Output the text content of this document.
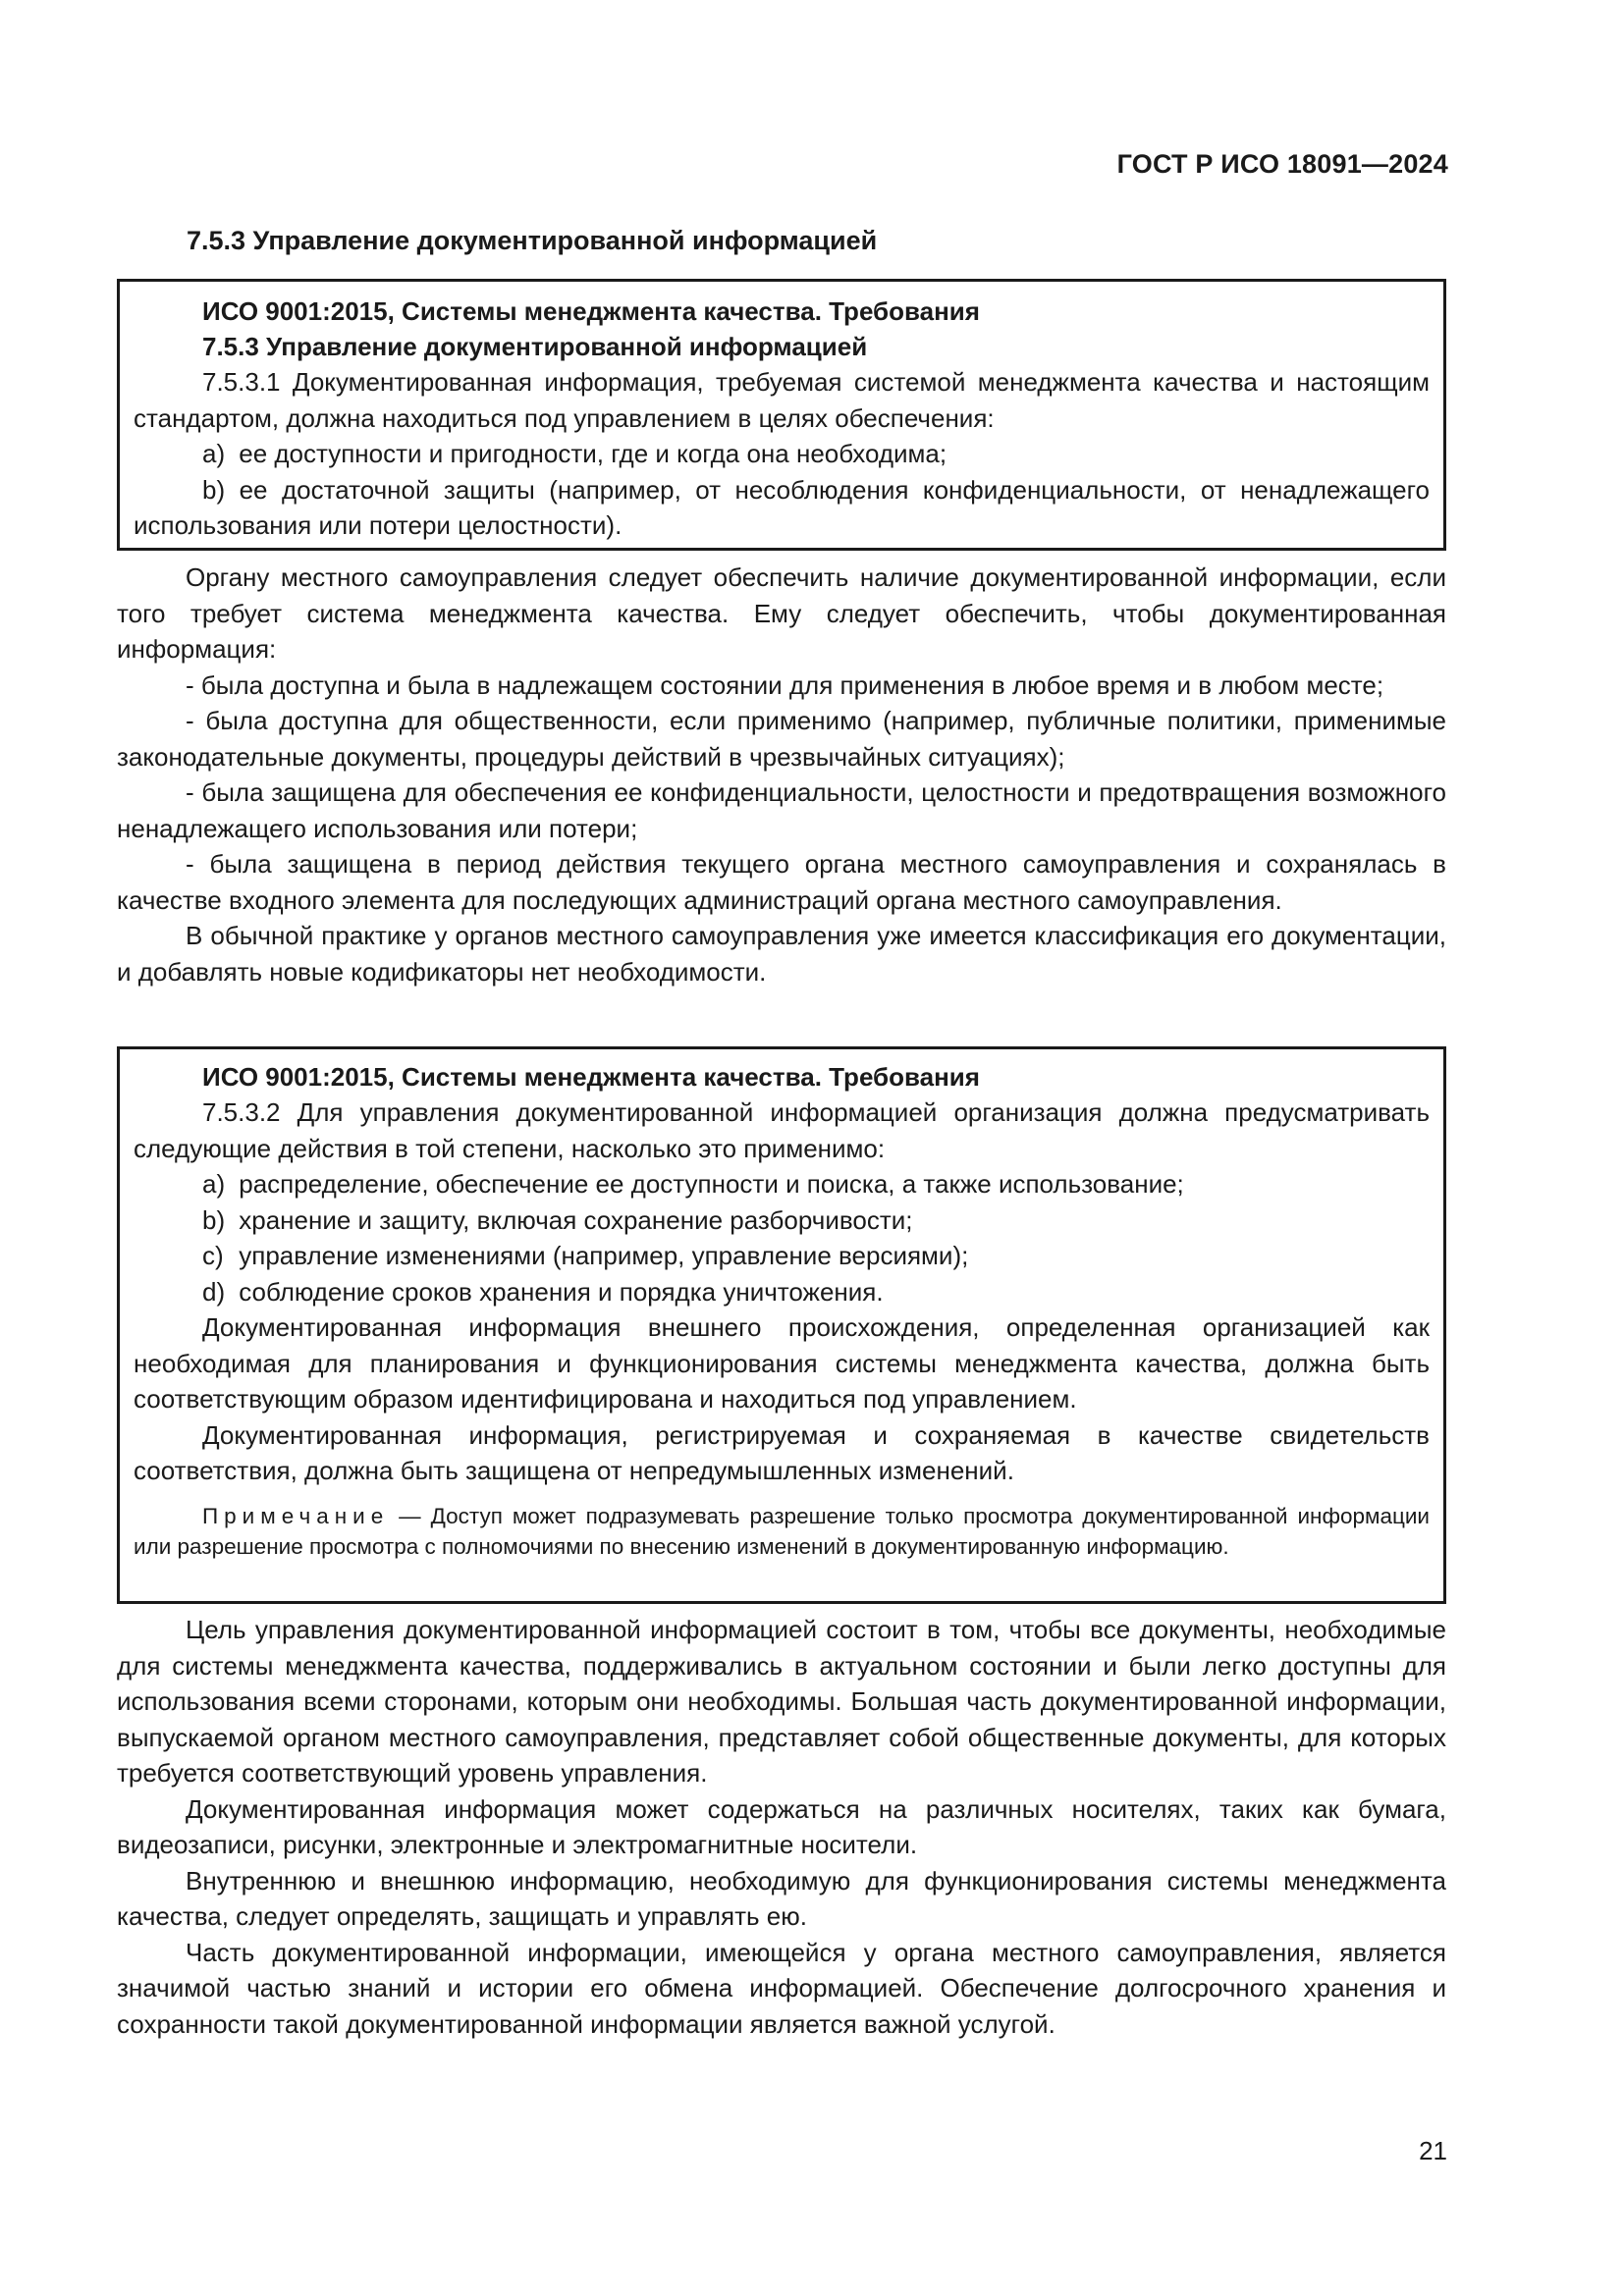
ГОСТ Р ИСО 18091—2024
7.5.3 Управление документированной информацией
ИСО 9001:2015, Системы менеджмента качества. Требования
7.5.3 Управление документированной информацией

7.5.3.1 Документированная информация, требуемая системой менеджмента качества и настоящим стандартом, должна находиться под управлением в целях обеспечения:

a) ее доступности и пригодности, где и когда она необходима;

b) ее достаточной защиты (например, от несоблюдения конфиденциальности, от ненадлежащего использования или потери целостности).

Органу местного самоуправления следует обеспечить наличие документированной информации, если того требует система менеджмента качества. Ему следует обеспечить, чтобы документированная информация:

- была доступна и была в надлежащем состоянии для применения в любое время и в любом месте;

- была доступна для общественности, если применимо (например, публичные политики, применимые законодательные документы, процедуры действий в чрезвычайных ситуациях);

- была защищена для обеспечения ее конфиденциальности, целостности и предотвращения возможного ненадлежащего использования или потери;

- была защищена в период действия текущего органа местного самоуправления и сохранялась в качестве входного элемента для последующих администраций органа местного самоуправления.

В обычной практике у органов местного самоуправления уже имеется классификация его документации, и добавлять новые кодификаторы нет необходимости.

ИСО 9001:2015, Системы менеджмента качества. Требования

7.5.3.2 Для управления документированной информацией организация должна предусматривать следующие действия в той степени, насколько это применимо:

a) распределение, обеспечение ее доступности и поиска, а также использование;

b) хранение и защиту, включая сохранение разборчивости;

c) управление изменениями (например, управление версиями);

d) соблюдение сроков хранения и порядка уничтожения.

Документированная информация внешнего происхождения, определенная организацией как необходимая для планирования и функционирования системы менеджмента качества, должна быть соответствующим образом идентифицирована и находиться под управлением.

Документированная информация, регистрируемая и сохраняемая в качестве свидетельств соответствия, должна быть защищена от непредумышленных изменений.

Примечание — Доступ может подразумевать разрешение только просмотра документированной информации или разрешение просмотра с полномочиями по внесению изменений в документированную информацию.

Цель управления документированной информацией состоит в том, чтобы все документы, необходимые для системы менеджмента качества, поддерживались в актуальном состоянии и были легко доступны для использования всеми сторонами, которым они необходимы. Большая часть документированной информации, выпускаемой органом местного самоуправления, представляет собой общественные документы, для которых требуется соответствующий уровень управления.

Документированная информация может содержаться на различных носителях, таких как бумага, видеозаписи, рисунки, электронные и электромагнитные носители.

Внутреннюю и внешнюю информацию, необходимую для функционирования системы менеджмента качества, следует определять, защищать и управлять ею.

Часть документированной информации, имеющейся у органа местного самоуправления, является значимой частью знаний и истории его обмена информацией. Обеспечение долгосрочного хранения и сохранности такой документированной информации является важной услугой.

21
